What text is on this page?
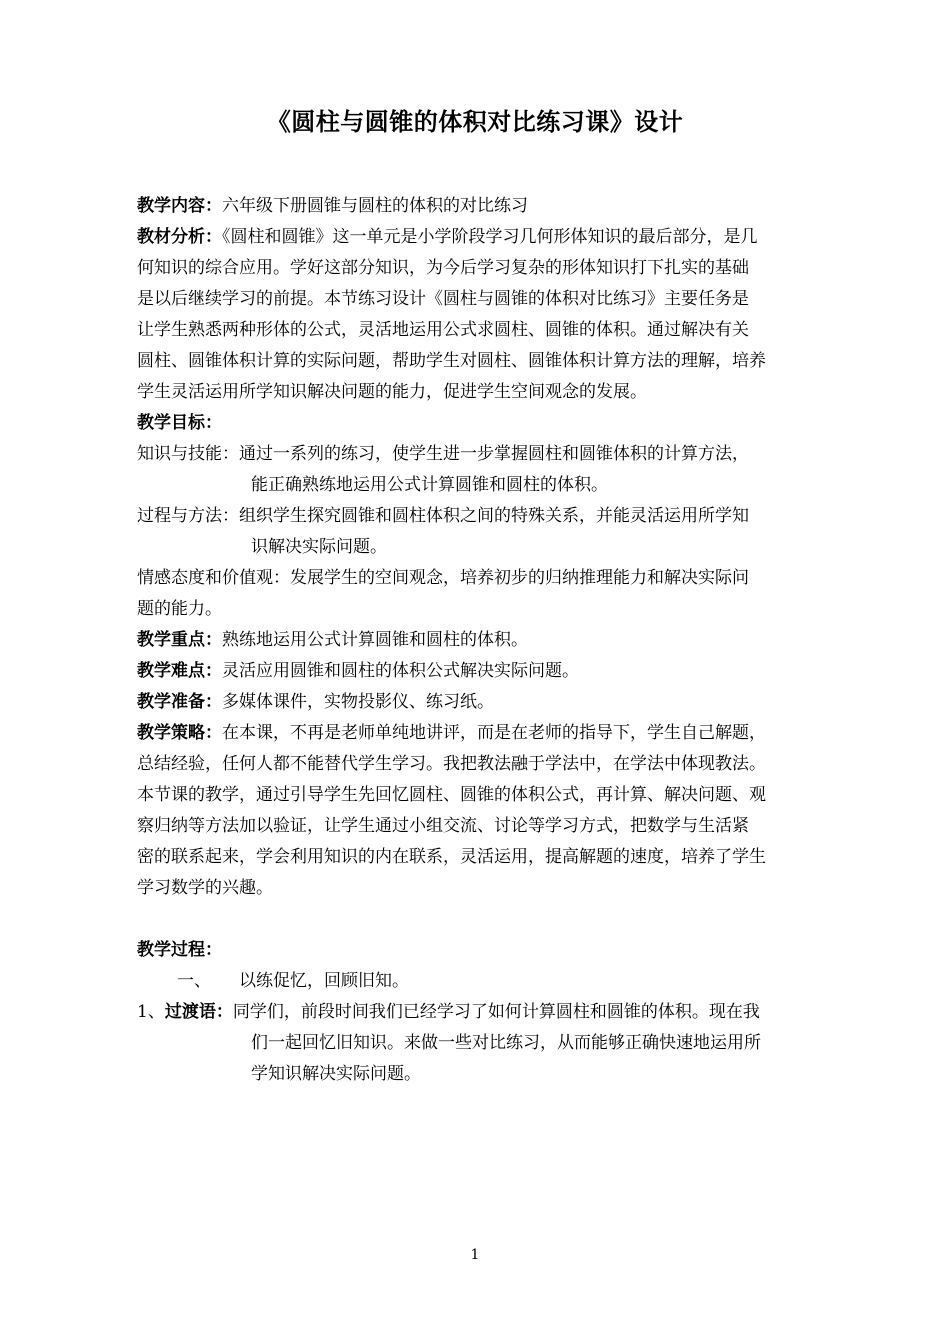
《圆柱与圆锥的体积对比练习课》设计

教学内容：六年级下册圆锥与圆柱的体积的对比练习

教材分析：《圆柱和圆锥》这一单元是小学阶段学习几何形体知识的最后部分，是几

何知识的综合应用。学好这部分知识，为今后学习复杂的形体知识打下扎实的基础

是以后继续学习的前提。本节练习设计《圆柱与圆锥的体积对比练习》主要任务是

让学生熟悉两种形体的公式，灵活地运用公式求圆柱、圆锥的体积。通过解决有关

圆柱、圆锥体积计算的实际问题，帮助学生对圆柱、圆锥体积计算方法的理解，培养

学生灵活运用所学知识解决问题的能力，促进学生空间观念的发展。

教学目标：

知识与技能：通过一系列的练习，使学生进一步掌握圆柱和圆锥体积的计算方法，

能正确熟练地运用公式计算圆锥和圆柱的体积。

过程与方法：组织学生探究圆锥和圆柱体积之间的特殊关系，并能灵活运用所学知

识解决实际问题。

情感态度和价值观：发展学生的空间观念，培养初步的归纳推理能力和解决实际问

题的能力。

教学重点：熟练地运用公式计算圆锥和圆柱的体积。

教学难点：灵活应用圆锥和圆柱的体积公式解决实际问题。

教学准备：多媒体课件，实物投影仪、练习纸。

教学策略：在本课，不再是老师单纯地讲评，而是在老师的指导下，学生自己解题，

总结经验，任何人都不能替代学生学习。我把教法融于学法中，在学法中体现教法。

本节课的教学，通过引导学生先回忆圆柱、圆锥的体积公式，再计算、解决问题、观

察归纳等方法加以验证，让学生通过小组交流、讨论等学习方式，把数学与生活紧

密的联系起来，学会利用知识的内在联系，灵活运用，提高解题的速度，培养了学生

学习数学的兴趣。

教学过程：

一、 以练促忆，回顾旧知。

1、过渡语：同学们，前段时间我们已经学习了如何计算圆柱和圆锥的体积。现在我

们一起回忆旧知识。来做一些对比练习，从而能够正确快速地运用所

学知识解决实际问题。

1
